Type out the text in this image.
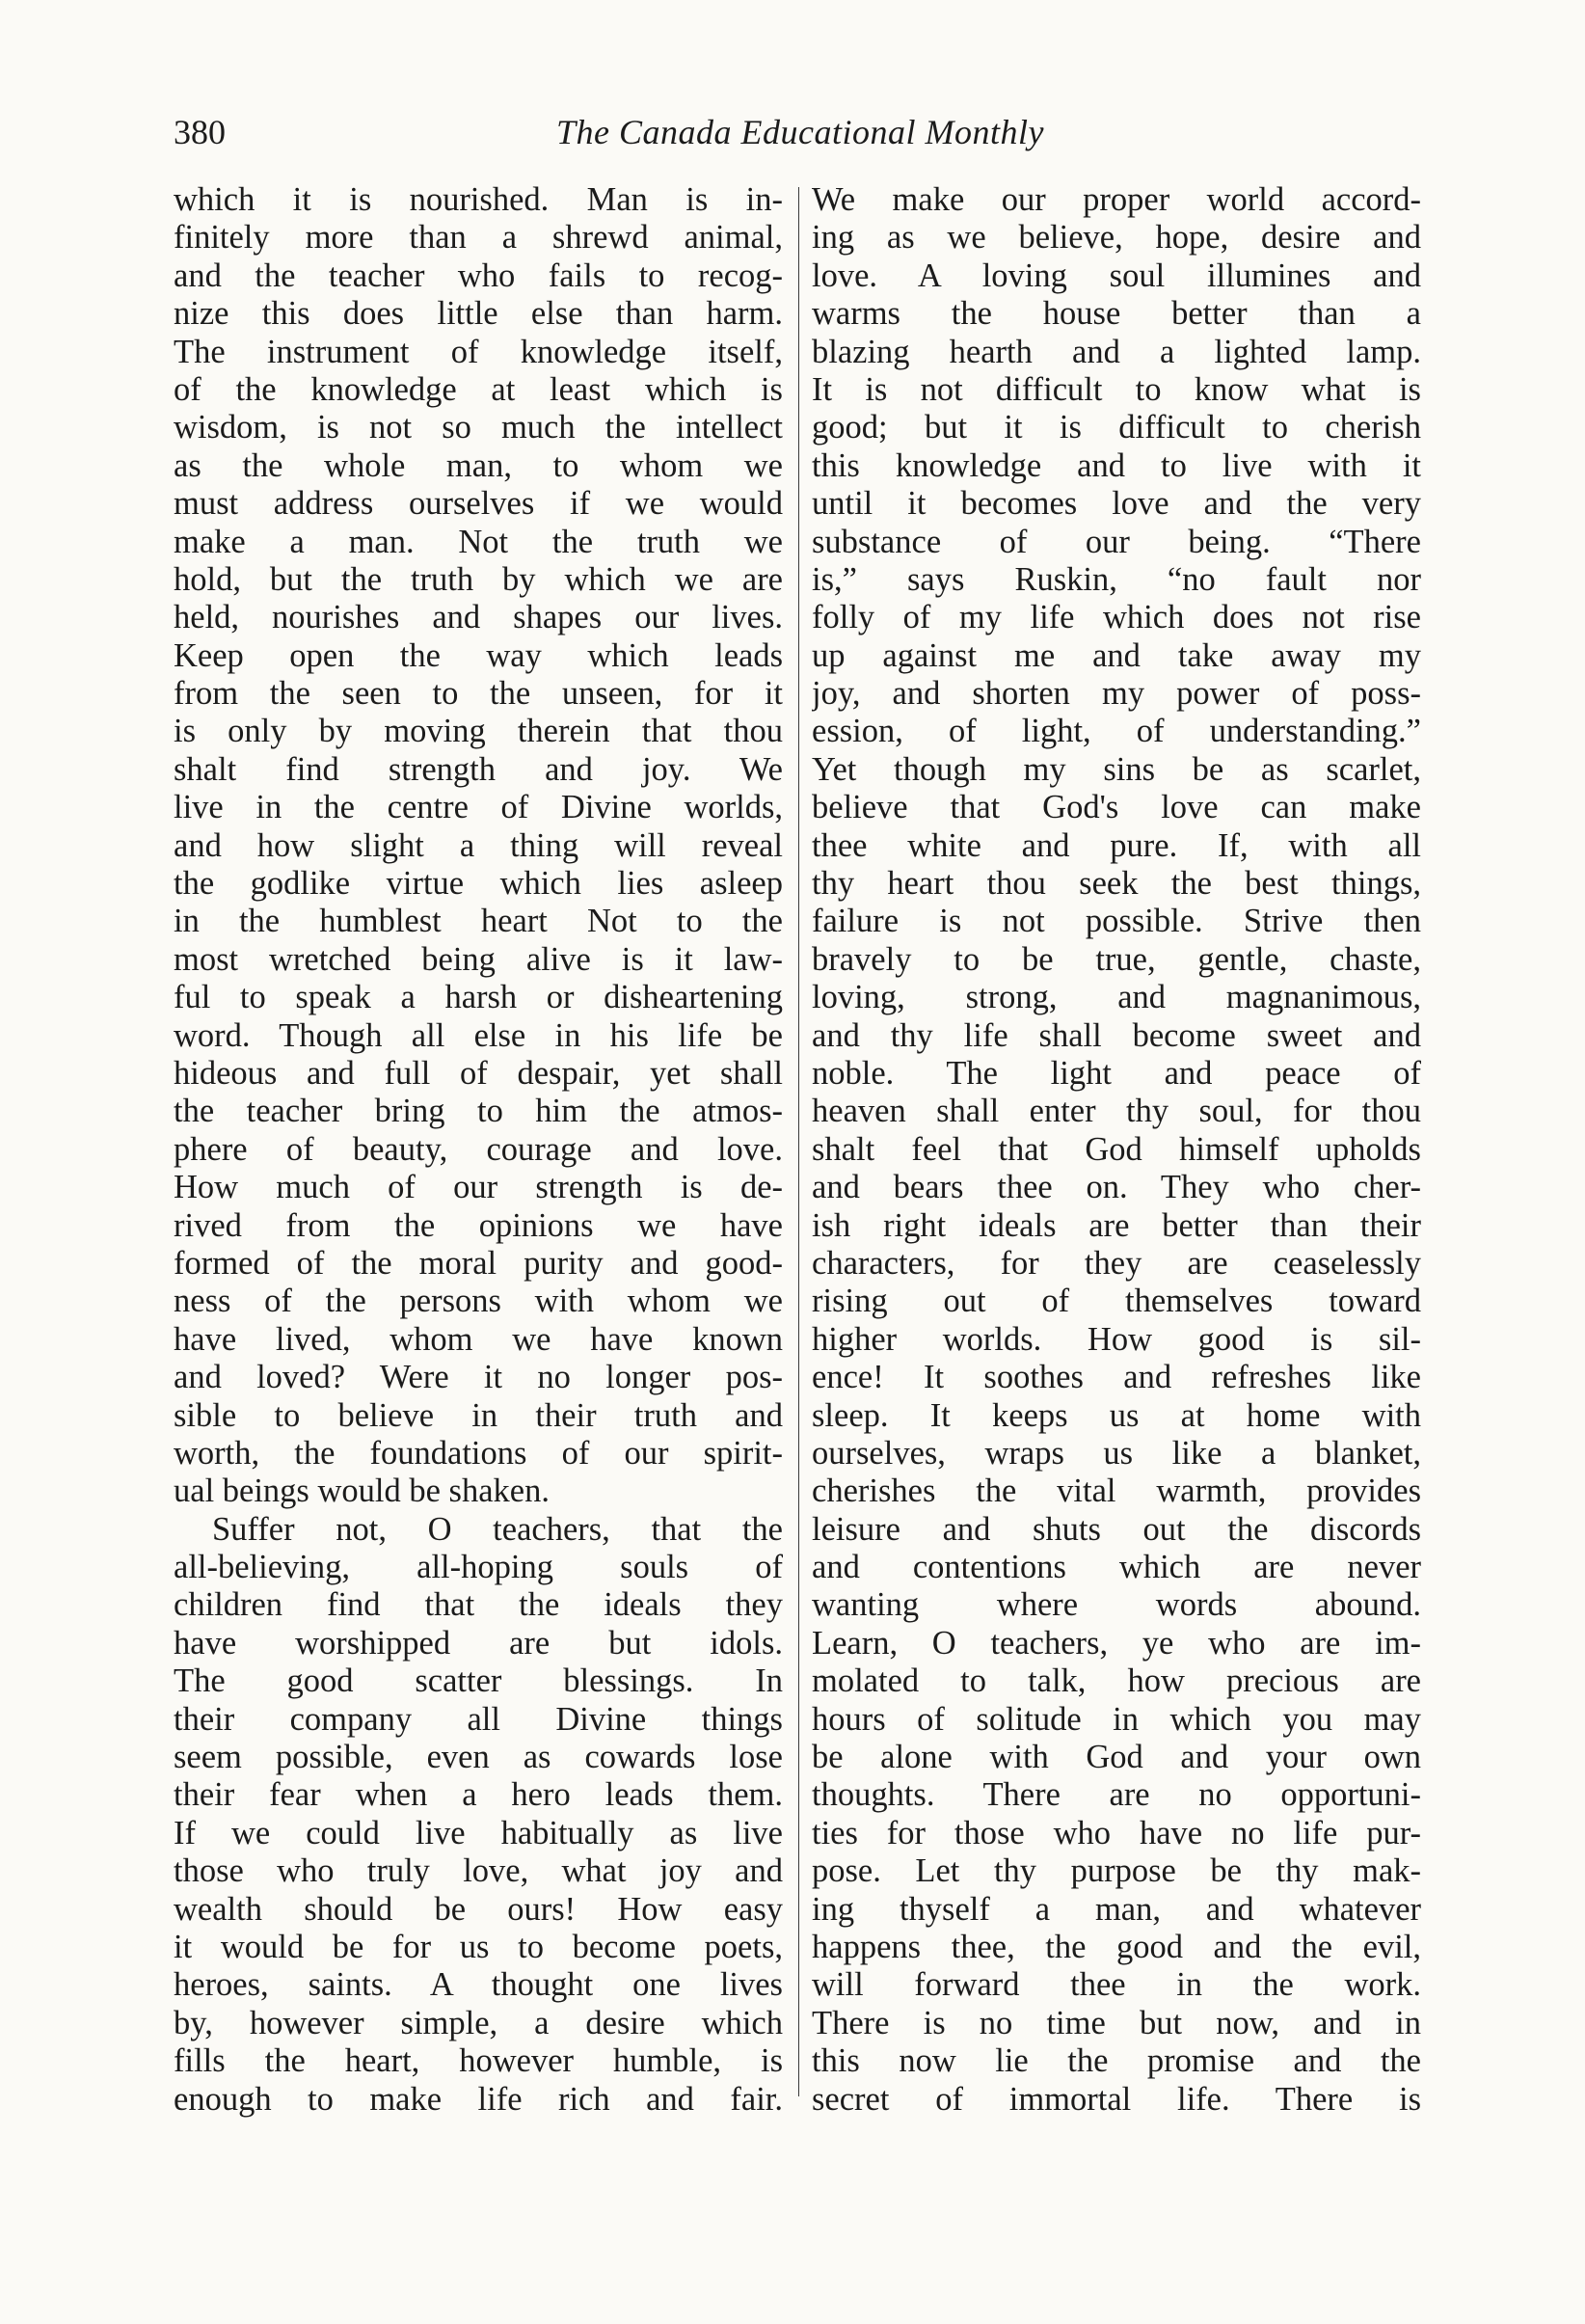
380	The Canada Educational Monthly
which it is nourished. Man is in-
finitely more than a shrewd animal,
and the teacher who fails to recog-
nize this does little else than harm.
The instrument of knowledge itself,
of the knowledge at least which is
wisdom, is not so much the intellect
as the whole man, to whom we
must address ourselves if we would
make a man. Not the truth we
hold, but the truth by which we are
held, nourishes and shapes our lives.
Keep open the way which leads
from the seen to the unseen, for it
is only by moving therein that thou
shalt find strength and joy. We
live in the centre of Divine worlds,
and how slight a thing will reveal
the godlike virtue which lies asleep
in the humblest heart Not to the
most wretched being alive is it law-
ful to speak a harsh or disheartening
word. Though all else in his life be
hideous and full of despair, yet shall
the teacher bring to him the atmos-
phere of beauty, courage and love.
How much of our strength is de-
rived from the opinions we have
formed of the moral purity and good-
ness of the persons with whom we
have lived, whom we have known
and loved? Were it no longer pos-
sible to believe in their truth and
worth, the foundations of our spirit-
ual beings would be shaken.
Suffer not, O teachers, that the
all-believing, all-hoping souls of
children find that the ideals they
have worshipped are but idols.
The good scatter blessings. In
their company all Divine things
seem possible, even as cowards lose
their fear when a hero leads them.
If we could live habitually as live
those who truly love, what joy and
wealth should be ours! How easy
it would be for us to become poets,
heroes, saints. A thought one lives
by, however simple, a desire which
fills the heart, however humble, is
enough to make life rich and fair.
We make our proper world accord-
ing as we believe, hope, desire and
love. A loving soul illumines and
warms the house better than a
blazing hearth and a lighted lamp.
It is not difficult to know what is
good; but it is difficult to cherish
this knowledge and to live with it
until it becomes love and the very
substance of our being. “There
is,” says Ruskin, “no fault nor
folly of my life which does not rise
up against me and take away my
joy, and shorten my power of poss-
ession, of light, of understanding.”
Yet though my sins be as scarlet,
believe that God's love can make
thee white and pure. If, with all
thy heart thou seek the best things,
failure is not possible. Strive then
bravely to be true, gentle, chaste,
loving, strong, and magnanimous,
and thy life shall become sweet and
noble. The light and peace of
heaven shall enter thy soul, for thou
shalt feel that God himself upholds
and bears thee on. They who cher-
ish right ideals are better than their
characters, for they are ceaselessly
rising out of themselves toward
higher worlds. How good is sil-
ence! It soothes and refreshes like
sleep. It keeps us at home with
ourselves, wraps us like a blanket,
cherishes the vital warmth, provides
leisure and shuts out the discords
and contentions which are never
wanting where words abound.
Learn, O teachers, ye who are im-
molated to talk, how precious are
hours of solitude in which you may
be alone with God and your own
thoughts. There are no opportuni-
ties for those who have no life pur-
pose. Let thy purpose be thy mak-
ing thyself a man, and whatever
happens thee, the good and the evil,
will forward thee in the work.
There is no time but now, and in
this now lie the promise and the
secret of immortal life. There is
